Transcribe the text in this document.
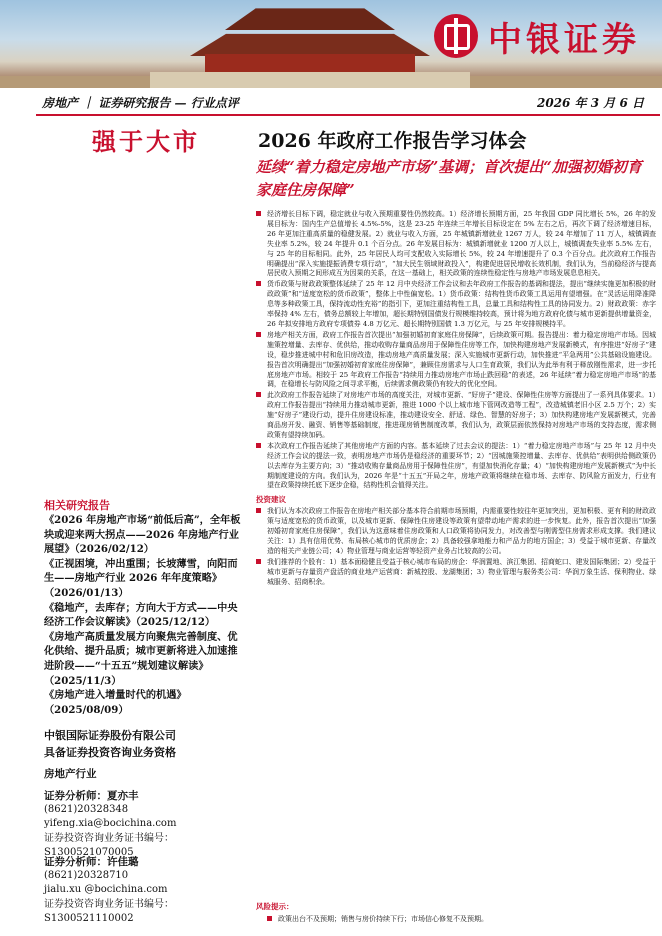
中银证券
房地产 ｜ 证券研究报告 — 行业点评	2026 年 3 月 6 日
强于大市	2026 年政府工作报告学习体会
延续“着力稳定房地产市场”基调；首次提出“加强初婚初育家庭住房保障”
相关研究报告
《2026 年房地产市场“前低后高”，全年板块或迎来两大拐点——2026 年房地产行业展望》（2026/02/12）
《正视困境，冲出重围；长坡薄雪，向阳而生——房地产行业 2026 年年度策略》（2026/01/13）
《稳地产，去库存；方向大于方式——中央经济工作会议解读》（2025/12/12）
《房地产高质量发展方向聚焦完善制度、优化供给、提升品质；城市更新将进入加速推进阶段——“十五五”规划建议解读》（2025/11/3）
《房地产进入增量时代的机遇》（2025/08/09）
中银国际证券股份有限公司
具备证券投资咨询业务资格
房地产行业
证券分析师：夏亦丰
(8621)20328348
yifeng.xia@bocichina.com
证券投资咨询业务证书编号：S1300521070005
证券分析师：许佳璐
(8621)20328710
jialu.xu @bocichina.com
证券投资咨询业务证书编号：S1300521110002

经济增长目标下调，稳定就业与收入预期重要性仍然较高。1）经济增长预期方面，25 年我国 GDP 同比增长 5%，26 年的发展目标为：国内生产总值增长 4.5%-5%，这是 23-25 年连续三年增长目标设定在 5% 左右之后，再次下调了经济增速目标，26 年更加注重高质量的稳健发展。2）就业与收入方面，25 年城镇新增就业 1267 万人，较 24 年增加了 11 万人，城镇调查失业率 5.2%，较 24 年提升 0.1 个百分点。26 年发展目标为：城镇新增就业 1200 万人以上，城镇调查失业率 5.5% 左右，与 25 年的目标相同。此外，25 年居民人均可支配收入实际增长 5%，较 24 年增速提升了 0.3 个百分点。此次政府工作报告明确提出“深入实施提振消费专项行动”，“加大民生领域财政投入”，构建促进居民增收长效机制，我们认为，当前稳经济与提高居民收入预期之间形成互为因果的关系，在这一基础上，相关政策的连续性稳定性与房地产市场发展息息相关。

货币政策与财政政策整体延续了 25 年 12 月中央经济工作会议和去年政府工作报告的基调和提法，提出“继续实施更加积极的财政政策”和“适度宽松的货币政策”，整体上中性偏宽松。1）货币政策：结构性货币政策工具运用有望增强。在“灵活运用降准降息等多种政策工具，保持流动性充裕”的指引下，更加注重结构性工具，总量工具和结构性工具的协同发力。2）财政政策：赤字率保持 4% 左右，债务总额较上年增加，超长期特别国债发行规模维持较高，预计将为地方政府化债与城市更新提供增量资金，26 年拟安排地方政府专项债券 4.8 万亿元、超长期特别国债 1.3 万亿元，与 25 年安排规模持平。

房地产相关方面，政府工作报告首次提出“加强初婚初育家庭住房保障”，后续政策可期。报告提出：着力稳定房地产市场。因城施策控增量、去库存、优供给，推动收购存量商品房用于保障性住房等工作，加快构建房地产发展新模式，有序推进“好房子”建设，稳步推进城中村和危旧房改造，推动房地产高质量发展；深入实施城市更新行动，加快推进“平急两用”公共基础设施建设。报告首次明确提出“加强初婚初育家庭住房保障”，兼顾住房需求与人口生育政策，我们认为此举有利于释放刚性需求，进一步托底房地产市场。相较于 25 年政府工作报告“持续用力推动房地产市场止跌回稳”的表述，26 年延续“着力稳定房地产市场”的基调，在稳增长与防风险之间寻求平衡，后续需求侧政策仍有较大的优化空间。

此次政府工作报告延续了对房地产市场的高度关注，对城市更新、“好房子”建设、保障性住房等方面提出了一系列具体要求。1）政府工作报告提出“持续用力推动城市更新，推进 1000 个以上城市地下管网改造等工程”，改造城镇老旧小区 2.5 万个；2）实施“好房子”建设行动，提升住房建设标准，推动建设安全、舒适、绿色、智慧的好房子；3）加快构建房地产发展新模式，完善商品房开发、融资、销售等基础制度，推进现房销售制度改革，我们认为，政策层面依然保持对房地产市场的支持态度，需求侧政策有望持续加码。

本次政府工作报告延续了其他房地产方面的内容。基本延续了过去会议的提法：1）“着力稳定房地产市场”与 25 年 12 月中央经济工作会议的提法一致，表明房地产市场仍是稳经济的重要环节；2）“因城施策控增量、去库存、优供给”表明供给侧政策仍以去库存为主要方向；3）“推动收购存量商品房用于保障性住房”，有望加快消化存量；4）“加快构建房地产发展新模式”为中长期制度建设的方向。我们认为，2026 年是“十五五”开局之年，房地产政策将继续在稳市场、去库存、防风险方面发力，行业有望在政策持续托底下逐步企稳，结构性机会值得关注。

投资建议

我们认为本次政府工作报告在房地产相关部分基本符合前期市场预期，内需重要性较往年更加突出，更加积极、更有利的财政政策与适度宽松的货币政策，以及城市更新、保障性住房建设等政策有望带动地产需求的进一步恢复。此外，报告首次提出“加强初婚初育家庭住房保障”，我们认为这意味着住房政策和人口政策将协同发力，对改善型与刚需型住房需求形成支撑。我们建议关注：1）具有信用优势、布局核心城市的优质房企；2）具备较强拿地能力和产品力的地方国企；3）受益于城市更新、存量改造的相关产业链公司；4）物业管理与商业运营等轻资产业务占比较高的公司。

我们推荐的个股有：1）基本面稳健且受益于核心城市布局的房企：华润置地、滨江集团、招商蛇口、建发国际集团；2）受益于城市更新与存量资产盘活的商业地产运营商：新城控股、龙湖集团；3）物业管理与服务类公司：华润万象生活、保利物业、绿城服务、招商积余。

风险提示：

政策出台不及预期；销售与房价持续下行；市场信心修复不及预期。
